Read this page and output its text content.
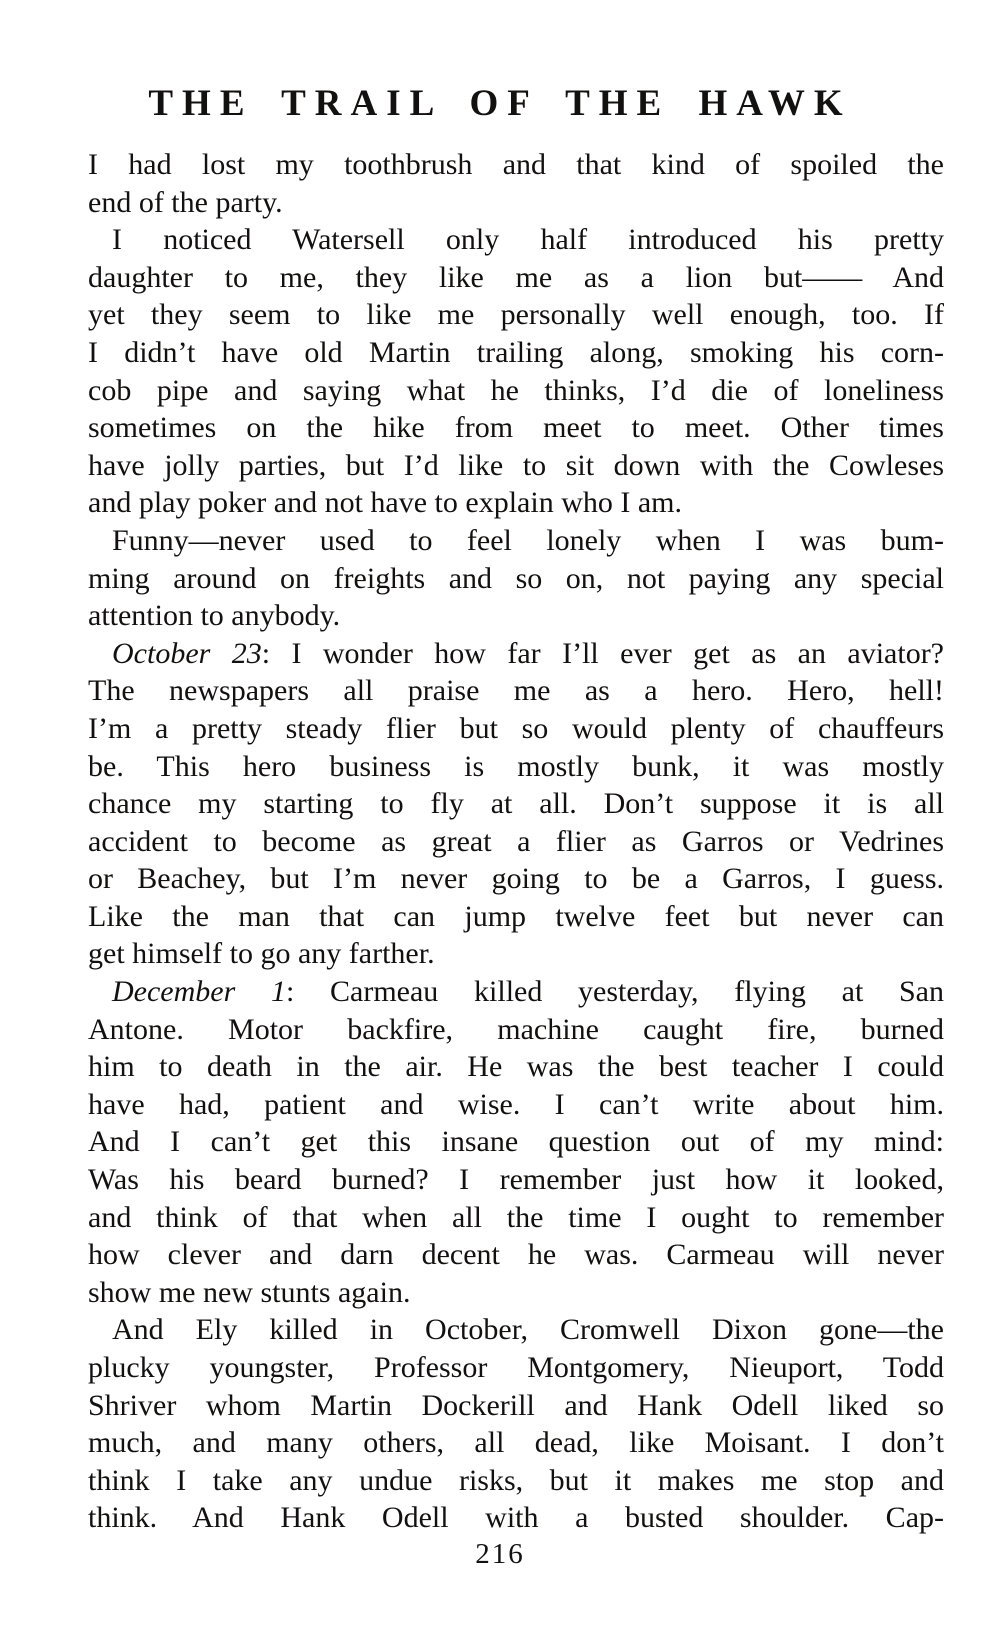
THE TRAIL OF THE HAWK
I had lost my toothbrush and that kind of spoiled the
end of the party.
I noticed Watersell only half introduced his pretty
daughter to me, they like me as a lion but—— And
yet they seem to like me personally well enough, too. If
I didn’t have old Martin trailing along, smoking his corn-
cob pipe and saying what he thinks, I’d die of loneliness
sometimes on the hike from meet to meet. Other times
have jolly parties, but I’d like to sit down with the Cowleses
and play poker and not have to explain who I am.
Funny—never used to feel lonely when I was bum-
ming around on freights and so on, not paying any special
attention to anybody.
October 23: I wonder how far I’ll ever get as an aviator?
The newspapers all praise me as a hero. Hero, hell!
I’m a pretty steady flier but so would plenty of chauffeurs
be. This hero business is mostly bunk, it was mostly
chance my starting to fly at all. Don’t suppose it is all
accident to become as great a flier as Garros or Vedrines
or Beachey, but I’m never going to be a Garros, I guess.
Like the man that can jump twelve feet but never can
get himself to go any farther.
December 1: Carmeau killed yesterday, flying at San
Antone. Motor backfire, machine caught fire, burned
him to death in the air. He was the best teacher I could
have had, patient and wise. I can’t write about him.
And I can’t get this insane question out of my mind:
Was his beard burned? I remember just how it looked,
and think of that when all the time I ought to remember
how clever and darn decent he was. Carmeau will never
show me new stunts again.
And Ely killed in October, Cromwell Dixon gone—the
plucky youngster, Professor Montgomery, Nieuport, Todd
Shriver whom Martin Dockerill and Hank Odell liked so
much, and many others, all dead, like Moisant. I don’t
think I take any undue risks, but it makes me stop and
think. And Hank Odell with a busted shoulder. Cap-
216
